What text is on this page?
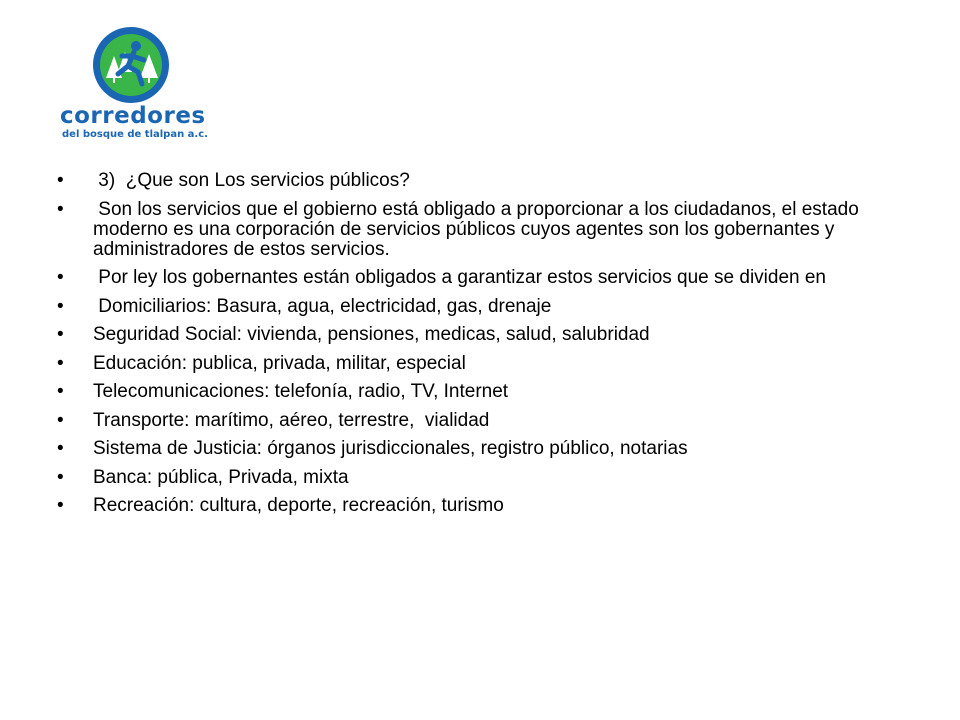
corredores
del bosque de tlalpan a.c.
•	3)  ¿Que son Los servicios públicos?
•	Son los servicios que el gobierno está obligado a proporcionar a los ciudadanos, el estado moderno es una corporación de servicios públicos cuyos agentes son los gobernantes y administradores de estos servicios.
•	Por ley los gobernantes están obligados a garantizar estos servicios que se dividen en
•	Domiciliarios: Basura, agua, electricidad, gas, drenaje
•	Seguridad Social: vivienda, pensiones, medicas, salud, salubridad
•	Educación: publica, privada, militar, especial
•	Telecomunicaciones: telefonía, radio, TV, Internet
•	Transporte: marítimo, aéreo, terrestre,  vialidad
•	Sistema de Justicia: órganos jurisdiccionales, registro público, notarias
•	Banca: pública, Privada, mixta
•	Recreación: cultura, deporte, recreación, turismo
